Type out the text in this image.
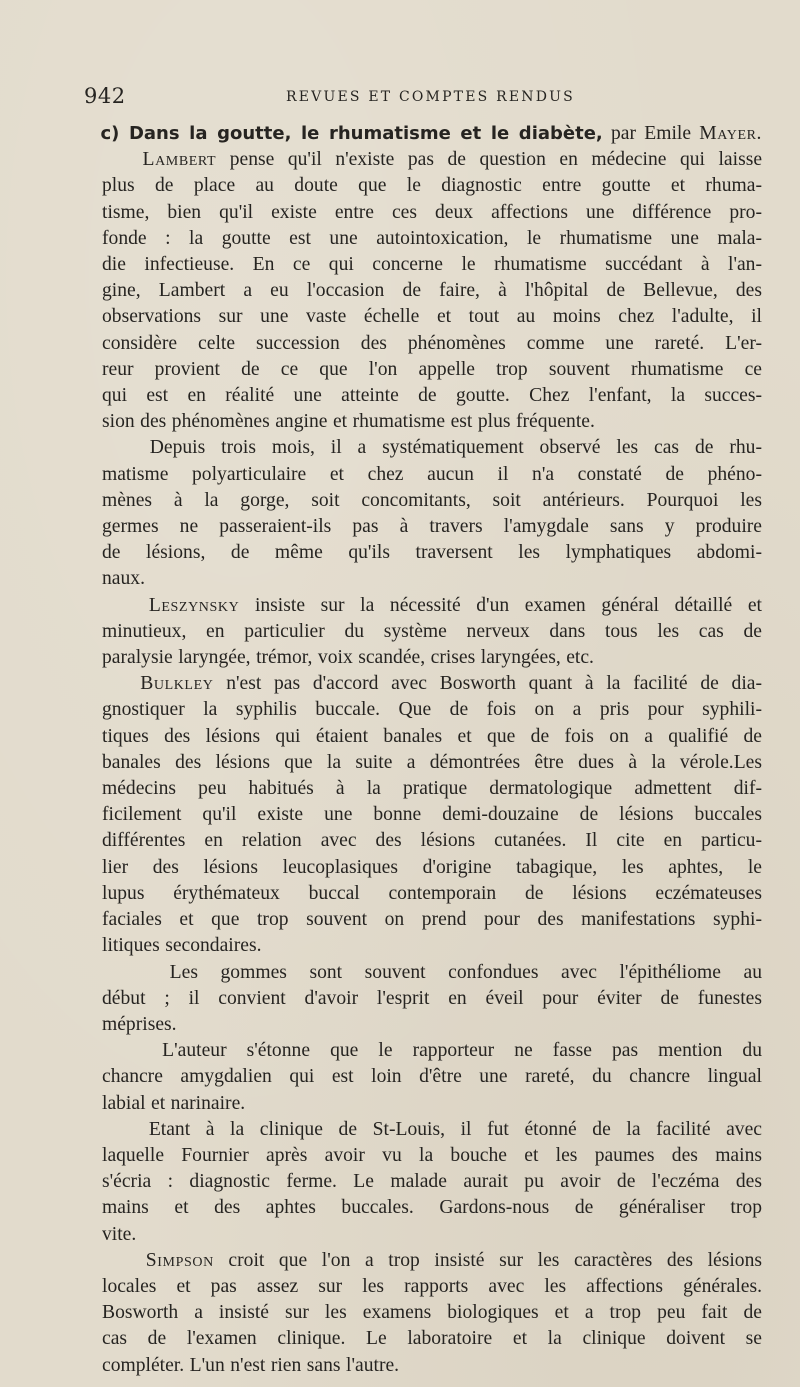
942	REVUES ET COMPTES RENDUS

c) Dans la goutte, le rhumatisme et le diabète, par Emile Mayer.

Lambert pense qu'il n'existe pas de question en médecine qui laisse
plus de place au doute que le diagnostic entre goutte et rhuma-
tisme, bien qu'il existe entre ces deux affections une différence pro-
fonde : la goutte est une autointoxication, le rhumatisme une mala-
die infectieuse. En ce qui concerne le rhumatisme succédant à l'an-
gine, Lambert a eu l'occasion de faire, à l'hôpital de Bellevue, des
observations sur une vaste échelle et tout au moins chez l'adulte, il
considère celte succession des phénomènes comme une rareté. L'er-
reur provient de ce que l'on appelle trop souvent rhumatisme ce
qui est en réalité une atteinte de goutte. Chez l'enfant, la succes-
sion des phénomènes angine et rhumatisme est plus fréquente.

Depuis trois mois, il a systématiquement observé les cas de rhu-
matisme polyarticulaire et chez aucun il n'a constaté de phéno-
mènes à la gorge, soit concomitants, soit antérieurs. Pourquoi les
germes ne passeraient-ils pas à travers l'amygdale sans y produire
de lésions, de même qu'ils traversent les lymphatiques abdomi-
naux.

Leszynsky insiste sur la nécessité d'un examen général détaillé et
minutieux, en particulier du système nerveux dans tous les cas de
paralysie laryngée, trémor, voix scandée, crises laryngées, etc.

Bulkley n'est pas d'accord avec Bosworth quant à la facilité de dia-
gnostiquer la syphilis buccale. Que de fois on a pris pour syphili-
tiques des lésions qui étaient banales et que de fois on a qualifié de
banales des lésions que la suite a démontrées être dues à la vérole.Les
médecins peu habitués à la pratique dermatologique admettent dif-
ficilement qu'il existe une bonne demi-douzaine de lésions buccales
différentes en relation avec des lésions cutanées. Il cite en particu-
lier des lésions leucoplasiques d'origine tabagique, les aphtes, le
lupus érythémateux buccal contemporain de lésions eczémateuses
faciales et que trop souvent on prend pour des manifestations syphi-
litiques secondaires.

Les gommes sont souvent confondues avec l'épithéliome au
début ; il convient d'avoir l'esprit en éveil pour éviter de funestes
méprises.

L'auteur s'étonne que le rapporteur ne fasse pas mention du
chancre amygdalien qui est loin d'être une rareté, du chancre lingual
labial et narinaire.

Etant à la clinique de St-Louis, il fut étonné de la facilité avec
laquelle Fournier après avoir vu la bouche et les paumes des mains
s'écria : diagnostic ferme. Le malade aurait pu avoir de l'eczéma des
mains et des aphtes buccales. Gardons-nous de généraliser trop
vite.

Simpson croit que l'on a trop insisté sur les caractères des lésions
locales et pas assez sur les rapports avec les affections générales.
Bosworth a insisté sur les examens biologiques et a trop peu fait de
cas de l'examen clinique. Le laboratoire et la clinique doivent se
compléter. L'un n'est rien sans l'autre.
